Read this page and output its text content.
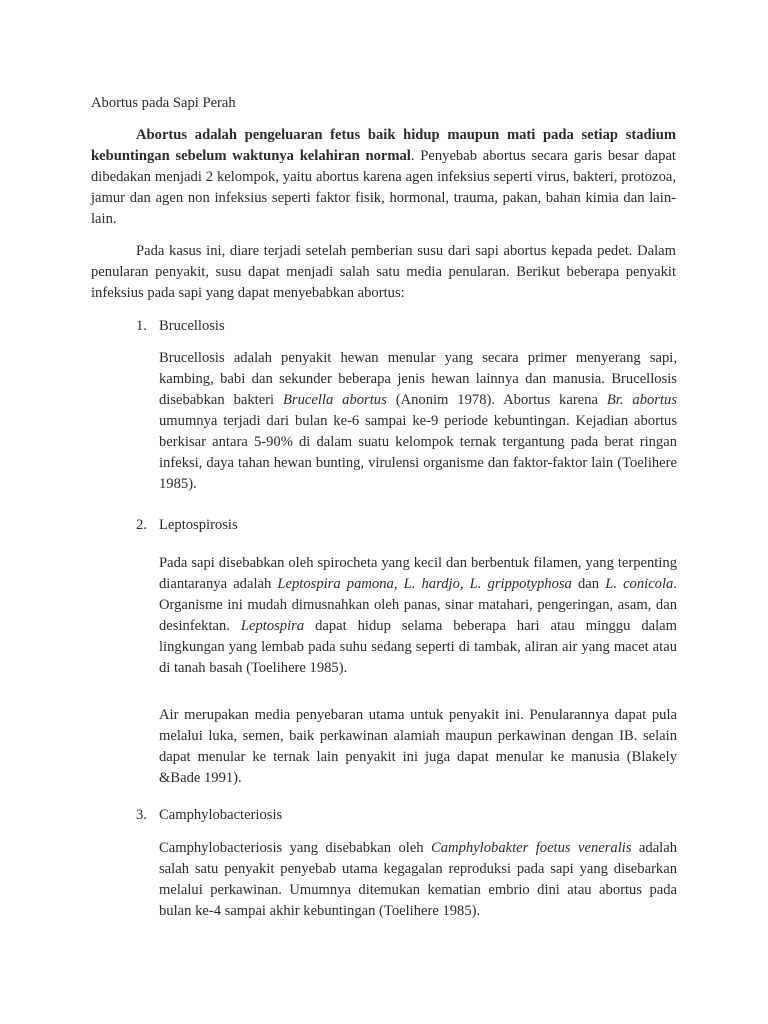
Abortus pada Sapi Perah

Abortus adalah pengeluaran fetus baik hidup maupun mati pada setiap stadium kebuntingan sebelum waktunya kelahiran normal. Penyebab abortus secara garis besar dapat dibedakan menjadi 2 kelompok, yaitu abortus karena agen infeksius seperti virus, bakteri, protozoa, jamur dan agen non infeksius seperti faktor fisik, hormonal, trauma, pakan, bahan kimia dan lain-lain.

Pada kasus ini, diare terjadi setelah pemberian susu dari sapi abortus kepada pedet. Dalam penularan penyakit, susu dapat menjadi salah satu media penularan. Berikut beberapa penyakit infeksius pada sapi yang dapat menyebabkan abortus:

1. Brucellosis

Brucellosis adalah penyakit hewan menular yang secara primer menyerang sapi, kambing, babi dan sekunder beberapa jenis hewan lainnya dan manusia. Brucellosis disebabkan bakteri Brucella abortus (Anonim 1978). Abortus karena Br. abortus umumnya terjadi dari bulan ke-6 sampai ke-9 periode kebuntingan. Kejadian abortus berkisar antara 5-90% di dalam suatu kelompok ternak tergantung pada berat ringan infeksi, daya tahan hewan bunting, virulensi organisme dan faktor-faktor lain (Toelihere 1985).

2. Leptospirosis

Pada sapi disebabkan oleh spirocheta yang kecil dan berbentuk filamen, yang terpenting diantaranya adalah Leptospira pamona, L. hardjo, L. grippotyphosa dan L. conicola. Organisme ini mudah dimusnahkan oleh panas, sinar matahari, pengeringan, asam, dan desinfektan. Leptospira dapat hidup selama beberapa hari atau minggu dalam lingkungan yang lembab pada suhu sedang seperti di tambak, aliran air yang macet atau di tanah basah (Toelihere 1985).

Air merupakan media penyebaran utama untuk penyakit ini. Penularannya dapat pula melalui luka, semen, baik perkawinan alamiah maupun perkawinan dengan IB. selain dapat menular ke ternak lain penyakit ini juga dapat menular ke manusia (Blakely &Bade 1991).

3. Camphylobacteriosis

Camphylobacteriosis yang disebabkan oleh Camphylobakter foetus veneralis adalah salah satu penyakit penyebab utama kegagalan reproduksi pada sapi yang disebarkan melalui perkawinan. Umumnya ditemukan kematian embrio dini atau abortus pada bulan ke-4 sampai akhir kebuntingan (Toelihere 1985).
